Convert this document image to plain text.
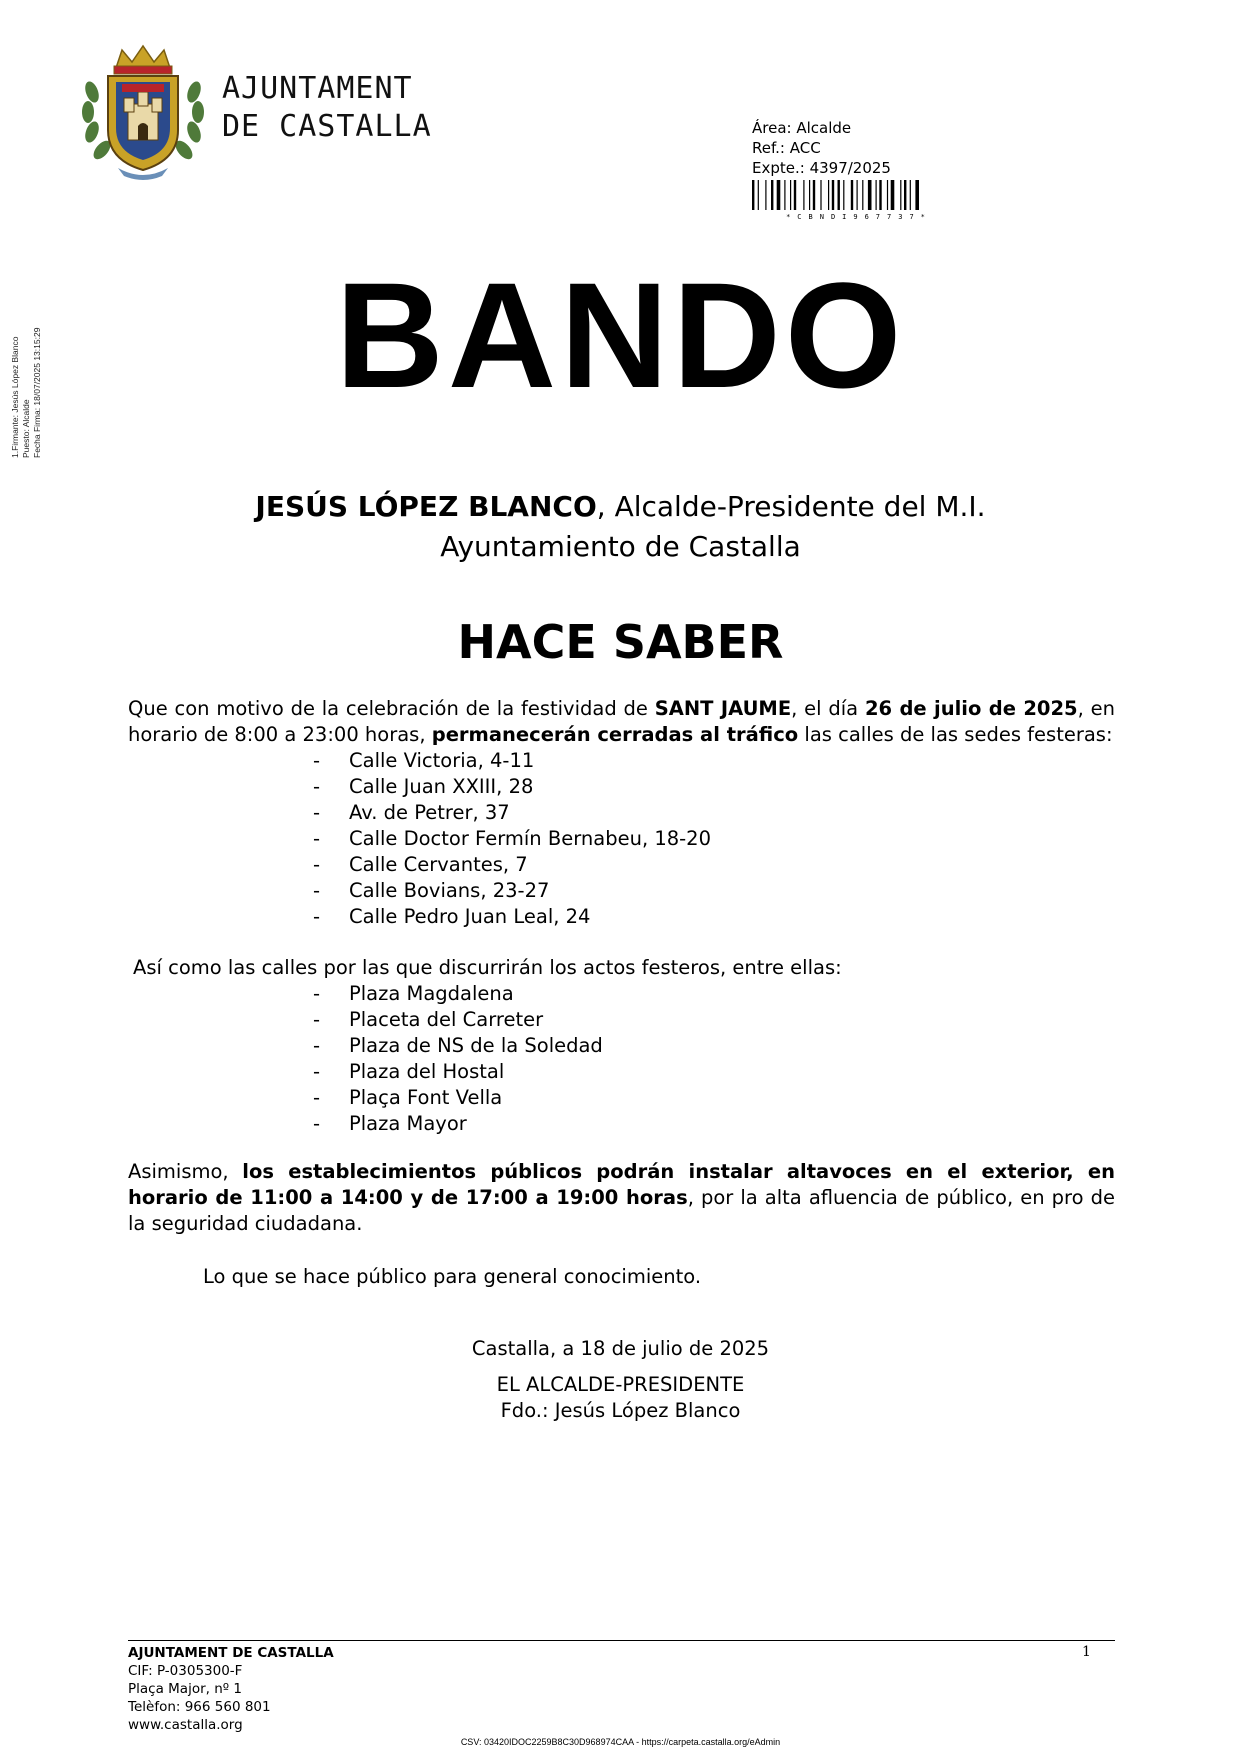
AJUNTAMENT
DE CASTALLA	Área: Alcalde
Ref.: ACC
Expte.: 4397/2025
*CBNDI967737*
1.Firmante: Jesús López Blanco Puesto: Alcalde Fecha Firma: 18/07/2025 13:15:29	BANDO
JESÚS LÓPEZ BLANCO, Alcalde-Presidente del M.I.
Ayuntamiento de Castalla
HACE SABER
Que con motivo de la celebración de la festividad de SANT JAUME, el día 26 de julio de 2025, en horario de 8:00 a 23:00 horas, permanecerán cerradas al tráfico las calles de las sedes festeras:
- Calle Victoria, 4-11
- Calle Juan XXIII, 28
- Av. de Petrer, 37
- Calle Doctor Fermín Bernabeu, 18-20
- Calle Cervantes, 7
- Calle Bovians, 23-27
- Calle Pedro Juan Leal, 24
Así como las calles por las que discurrirán los actos festeros, entre ellas:
- Plaza Magdalena
- Placeta del Carreter
- Plaza de NS de la Soledad
- Plaza del Hostal
- Plaça Font Vella
- Plaza Mayor
Asimismo, los establecimientos públicos podrán instalar altavoces en el exterior, en horario de 11:00 a 14:00 y de 17:00 a 19:00 horas, por la alta afluencia de público, en pro de la seguridad ciudadana.
Lo que se hace público para general conocimiento.
Castalla, a 18 de julio de 2025
EL ALCALDE-PRESIDENTE
Fdo.: Jesús López Blanco
AJUNTAMENT DE CASTALLA
CIF: P-0305300-F
Plaça Major, nº 1
Telèfon: 966 560 801
www.castalla.org
1
CSV: 03420IDOC2259B8C30D968974CAA - https://carpeta.castalla.org/eAdmin
